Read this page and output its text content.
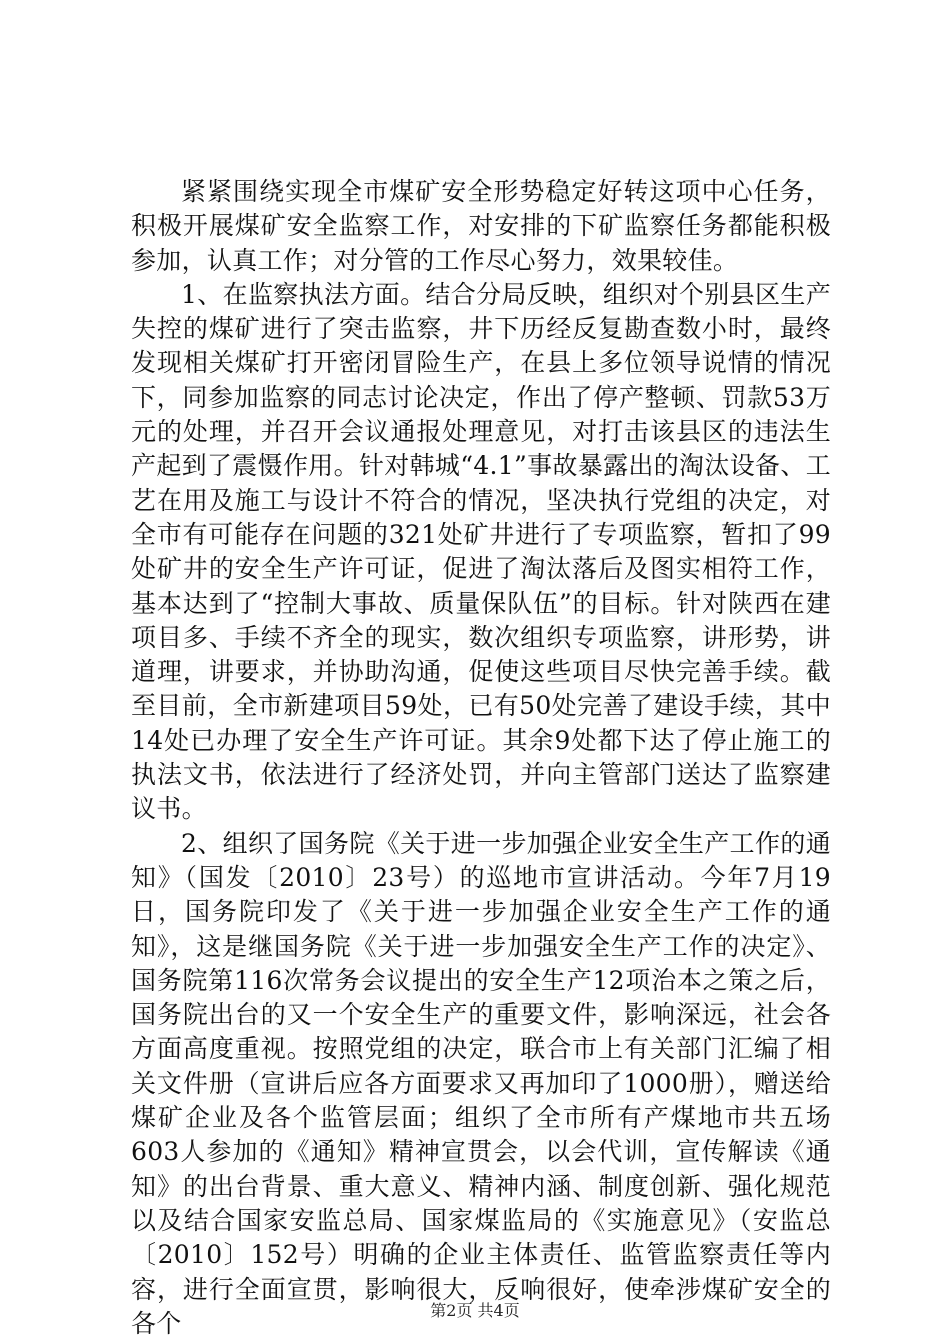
紧紧围绕实现全市煤矿安全形势稳定好转这项中心任务，积极开展煤矿安全监察工作，对安排的下矿监察任务都能积极参加，认真工作；对分管的工作尽心努力，效果较佳。

1、在监察执法方面。结合分局反映，组织对个别县区生产失控的煤矿进行了突击监察，井下历经反复勘查数小时，最终发现相关煤矿打开密闭冒险生产，在县上多位领导说情的情况下，同参加监察的同志讨论决定，作出了停产整顿、罚款53万元的处理，并召开会议通报处理意见，对打击该县区的违法生产起到了震慑作用。针对韩城“4.1”事故暴露出的淘汰设备、工艺在用及施工与设计不符合的情况，坚决执行党组的决定，对全市有可能存在问题的321处矿井进行了专项监察，暂扣了99处矿井的安全生产许可证，促进了淘汰落后及图实相符工作，基本达到了“控制大事故、质量保队伍”的目标。针对陕西在建项目多、手续不齐全的现实，数次组织专项监察，讲形势，讲道理，讲要求，并协助沟通，促使这些项目尽快完善手续。截至目前，全市新建项目59处，已有50处完善了建设手续，其中14处已办理了安全生产许可证。其余9处都下达了停止施工的执法文书，依法进行了经济处罚，并向主管部门送达了监察建议书。

2、组织了国务院《关于进一步加强企业安全生产工作的通知》（国发〔2010〕23号）的巡地市宣讲活动。今年7月19日，国务院印发了《关于进一步加强企业安全生产工作的通知》，这是继国务院《关于进一步加强安全生产工作的决定》、国务院第116次常务会议提出的安全生产12项治本之策之后，国务院出台的又一个安全生产的重要文件，影响深远，社会各方面高度重视。按照党组的决定，联合市上有关部门汇编了相关文件册（宣讲后应各方面要求又再加印了1000册），赠送给煤矿企业及各个监管层面；组织了全市所有产煤地市共五场603人参加的《通知》精神宣贯会，以会代训，宣传解读《通知》的出台背景、重大意义、精神内涵、制度创新、强化规范以及结合国家安监总局、国家煤监局的《实施意见》（安监总〔2010〕152号）明确的企业主体责任、监管监察责任等内容，进行全面宣贯，影响很大，反响很好，使牵涉煤矿安全的各个	第2页 共4页
